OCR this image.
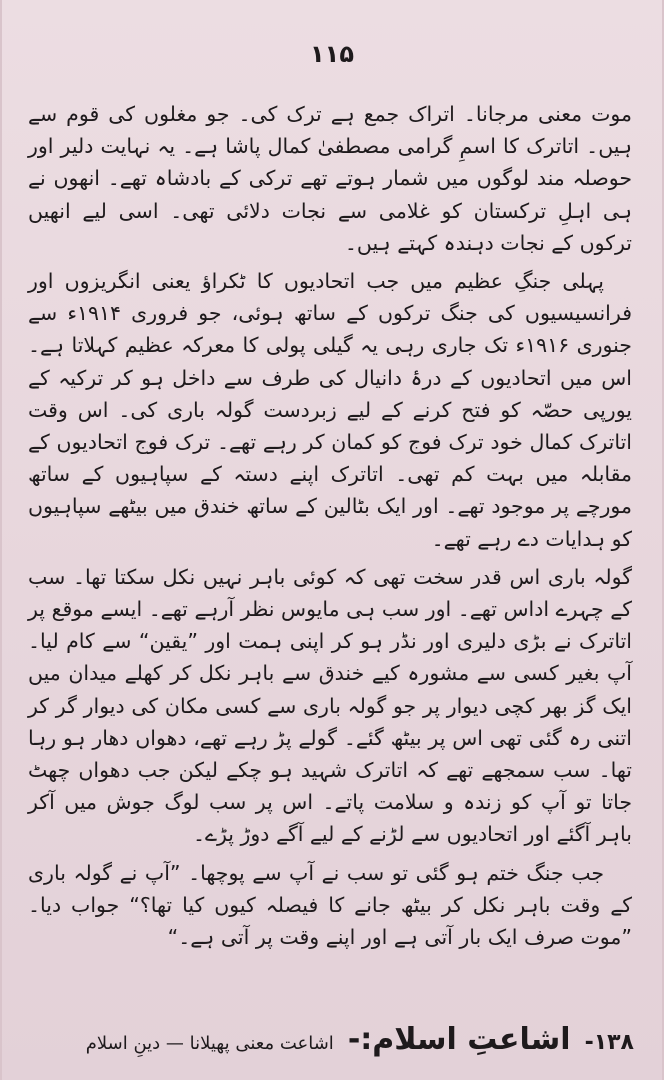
۱۱۵

موت معنی مرجانا۔ اتراک جمع ہے ترک کی۔ جو مغلوں کی قوم سے ہیں۔ اتاترک کا اسمِ گرامی مصطفیٰ کمال پاشا ہے۔ یہ نہایت دلیر اور حوصلہ مند لوگوں میں شمار ہوتے تھے ترکی کے بادشاہ تھے۔ انھوں نے ہی اہلِ ترکستان کو غلامی سے نجات دلائی تھی۔ اسی لیے انھیں ترکوں کے نجات دہندہ کہتے ہیں۔

پہلی جنگِ عظیم میں جب اتحادیوں کا ٹکراؤ یعنی انگریزوں اور فرانسیسیوں کی جنگ ترکوں کے ساتھ ہوئی، جو فروری ۱۹۱۴ء سے جنوری ۱۹۱۶ء تک جاری رہی یہ گیلی پولی کا معرکہ عظیم کہلاتا ہے۔ اس میں اتحادیوں کے درۂ دانیال کی طرف سے داخل ہو کر ترکیہ کے یورپی حصّہ کو فتح کرنے کے لیے زبردست گولہ باری کی۔ اس وقت اتاترک کمال خود ترک فوج کو کمان کر رہے تھے۔ ترک فوج اتحادیوں کے مقابلہ میں بہت کم تھی۔ اتاترک اپنے دستہ کے سپاہیوں کے ساتھ مورچے پر موجود تھے۔ اور ایک بٹالین کے ساتھ خندق میں بیٹھے سپاہیوں کو ہدایات دے رہے تھے۔

گولہ باری اس قدر سخت تھی کہ کوئی باہر نہیں نکل سکتا تھا۔ سب کے چہرے اداس تھے۔ اور سب ہی مایوس نظر آرہے تھے۔ ایسے موقع پر اتاترک نے بڑی دلیری اور نڈر ہو کر اپنی ہمت اور ”یقین“ سے کام لیا۔ آپ بغیر کسی سے مشورہ کیے خندق سے باہر نکل کر کھلے میدان میں ایک گز بھر کچی دیوار پر جو گولہ باری سے کسی مکان کی دیوار گر کر اتنی رہ گئی تھی اس پر بیٹھ گئے۔ گولے پڑ رہے تھے، دھواں دھار ہو رہا تھا۔ سب سمجھے تھے کہ اتاترک شہید ہو چکے لیکن جب دھواں چھٹ جاتا تو آپ کو زندہ و سلامت پاتے۔ اس پر سب لوگ جوش میں آکر باہر آگئے اور اتحادیوں سے لڑنے کے لیے آگے دوڑ پڑے۔

جب جنگ ختم ہو گئی تو سب نے آپ سے پوچھا۔ ”آپ نے گولہ باری کے وقت باہر نکل کر بیٹھ جانے کا فیصلہ کیوں کیا تھا؟“ جواب دیا۔ ”موت صرف ایک بار آتی ہے اور اپنے وقت پر آتی ہے۔“

۱۳۸-
اشاعتِ اسلام:-
اشاعت معنی پھیلانا — دینِ اسلام
